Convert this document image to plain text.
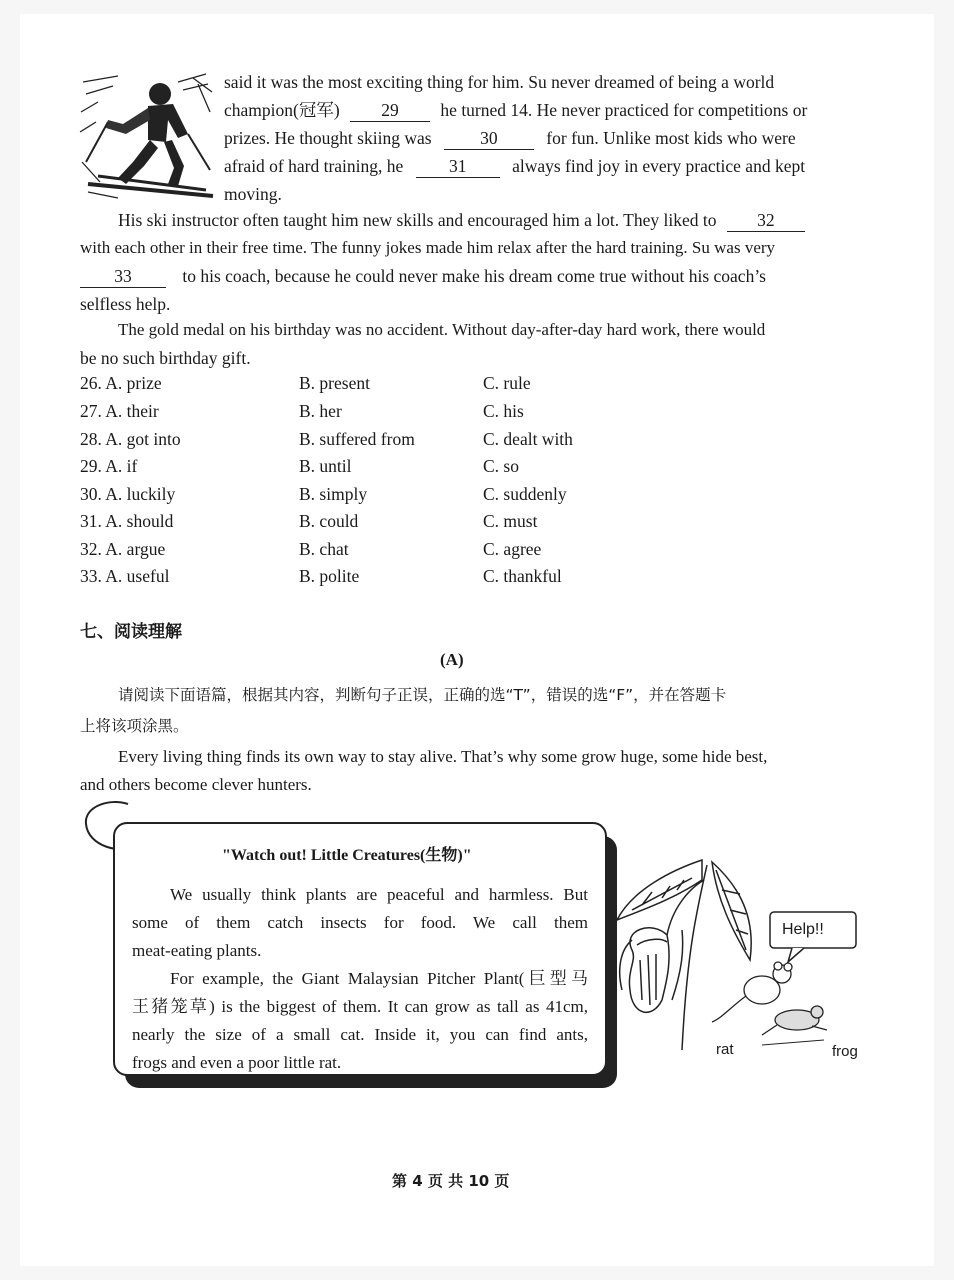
said it was the most exciting thing for him. Su never dreamed of being a world
champion(冠军) 29 he turned 14. He never practiced for competitions or
prizes. He thought skiing was	30	for fun. Unlike most kids who were
afraid of hard training, he	31	always find joy in every practice and kept
moving.
His ski instructor often taught him new skills and encouraged him a lot. They liked to 32
with each other in their free time. The funny jokes made him relax after the hard training. Su was very
33	to his coach, because he could never make his dream come true without his coach’s
selfless help.
The gold medal on his birthday was no accident. Without day-after-day hard work, there would
be no such birthday gift.
26. A. prize	B. present	C. rule
27. A. their	B. her	C. his
28. A. got into	B. suffered from	C. dealt with
29. A. if	B. until	C. so
30. A. luckily	B. simply	C. suddenly
31. A. should	B. could	C. must
32. A. argue	B. chat	C. agree
33. A. useful	B. polite	C. thankful
七、阅读理解
(A)
请阅读下面语篇，根据其内容，判断句子正误，正确的选“T”，错误的选“F”，并在答题卡
上将该项涂黑。
Every living thing finds its own way to stay alive. That’s why some grow huge, some hide best,
and others become clever hunters.
"Watch out! Little Creatures(生物)"
We usually think plants are peaceful and harmless. But
some of them catch insects for food. We call them
meat-eating plants.
For example, the Giant Malaysian Pitcher Plant(巨型马
王猪笼草) is the biggest of them. It can grow as tall as 41cm,
nearly the size of a small cat. Inside it, you can find ants,
frogs and even a poor little rat.
Help!!
rat	frog
第 4 页 共 10 页
